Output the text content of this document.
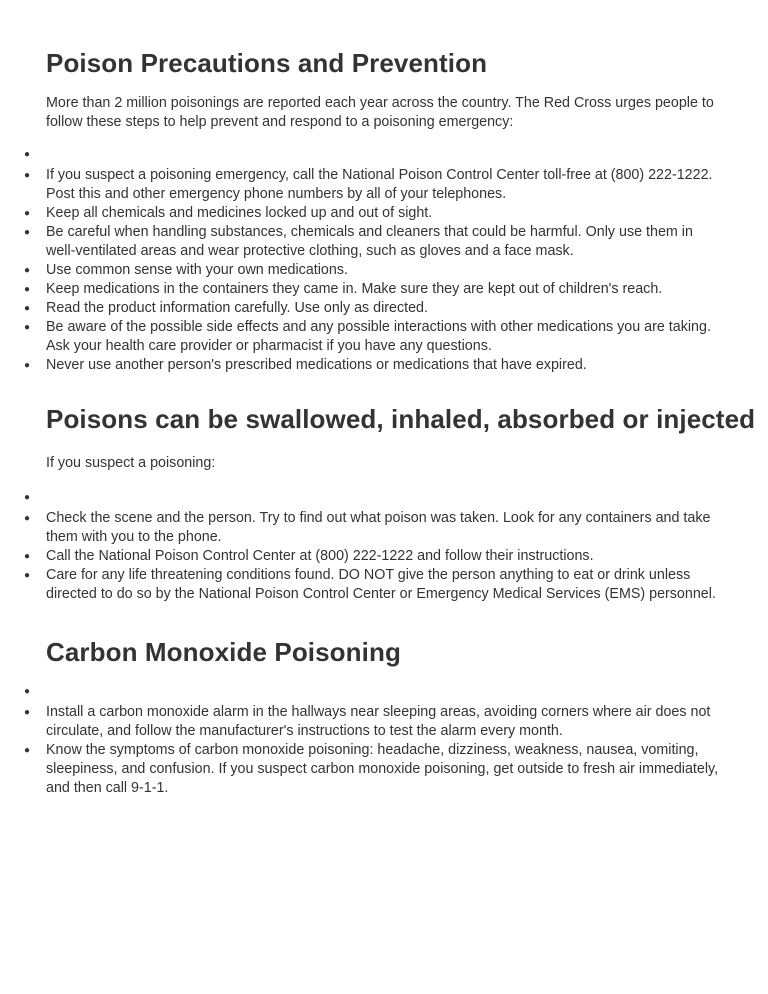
Poison Precautions and Prevention

More than 2 million poisonings are reported each year across the country. The Red Cross urges people to follow these steps to help prevent and respond to a poisoning emergency:

●
● If you suspect a poisoning emergency, call the National Poison Control Center toll-free at (800) 222-1222. Post this and other emergency phone numbers by all of your telephones.
● Keep all chemicals and medicines locked up and out of sight.
● Be careful when handling substances, chemicals and cleaners that could be harmful. Only use them in well-ventilated areas and wear protective clothing, such as gloves and a face mask.
● Use common sense with your own medications.
● Keep medications in the containers they came in. Make sure they are kept out of children's reach.
● Read the product information carefully. Use only as directed.
● Be aware of the possible side effects and any possible interactions with other medications you are taking. Ask your health care provider or pharmacist if you have any questions.
● Never use another person's prescribed medications or medications that have expired.
Poisons can be swallowed, inhaled, absorbed or injected

If you suspect a poisoning:

●
● Check the scene and the person. Try to find out what poison was taken. Look for any containers and take them with you to the phone.
● Call the National Poison Control Center at (800) 222-1222 and follow their instructions.
● Care for any life threatening conditions found. DO NOT give the person anything to eat or drink unless directed to do so by the National Poison Control Center or Emergency Medical Services (EMS) personnel.
Carbon Monoxide Poisoning
●
● Install a carbon monoxide alarm in the hallways near sleeping areas, avoiding corners where air does not circulate, and follow the manufacturer's instructions to test the alarm every month.
● Know the symptoms of carbon monoxide poisoning: headache, dizziness, weakness, nausea, vomiting, sleepiness, and confusion. If you suspect carbon monoxide poisoning, get outside to fresh air immediately, and then call 9-1-1.
